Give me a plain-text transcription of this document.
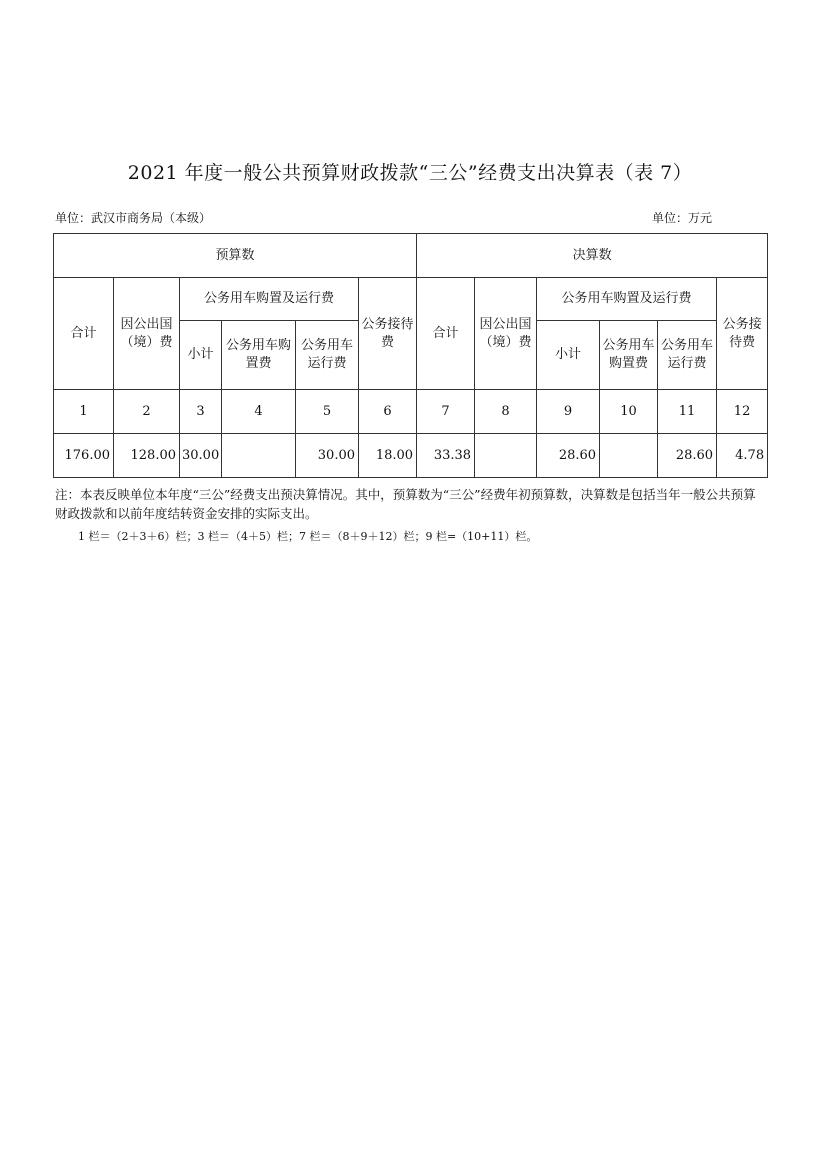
2021 年度一般公共预算财政拨款“三公”经费支出决算表（表 7）
单位：武汉市商务局（本级）	单位：万元
预算数						决算数					
合计	因公出国（境）费	公务用车购置及运行费			公务接待费	合计	因公出国（境）费	公务用车购置及运行费			公务接待费
		小计	公务用车购置费	公务用车运行费				小计	公务用车购置费	公务用车运行费	
1	2	3	4	5	6	7	8	9	10	11	12
176.00	128.00	30.00		30.00	18.00	33.38		28.60		28.60	4.78
注：本表反映单位本年度“三公”经费支出预决算情况。其中，预算数为“三公”经费年初预算数，决算数是包括当年一般公共预算财政拨款和以前年度结转资金安排的实际支出。
1 栏＝（2＋3＋6）栏；3 栏＝（4＋5）栏；7 栏＝（8＋9＋12）栏；9 栏=（10+11）栏。
